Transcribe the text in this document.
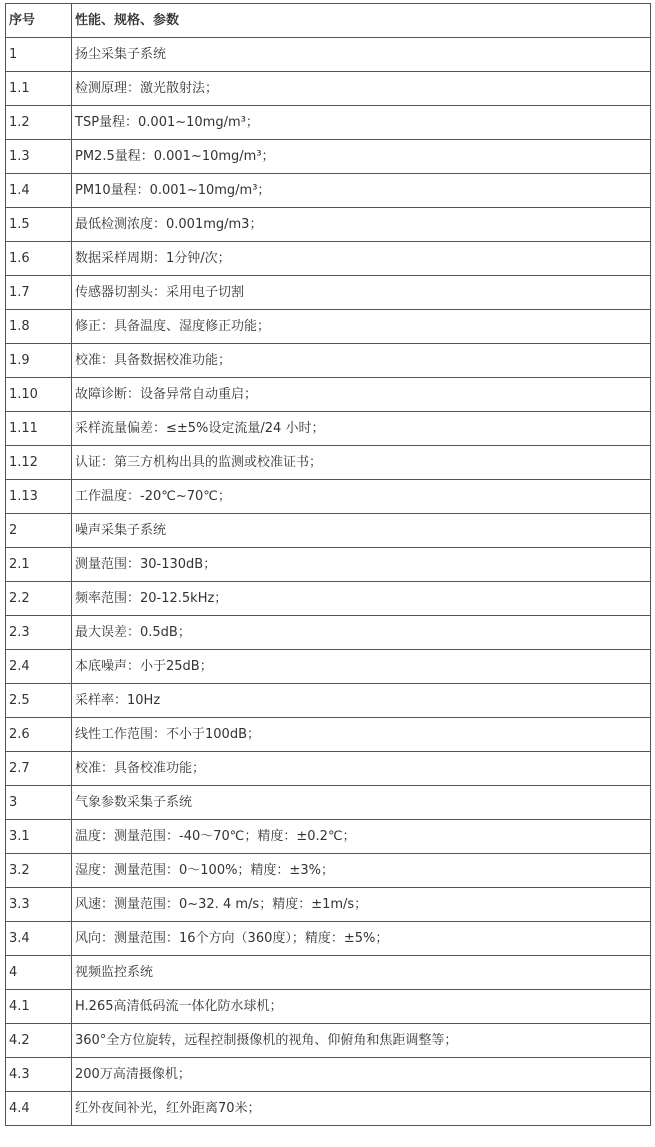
序号	性能、规格、参数
1	扬尘采集子系统
1.1	检测原理：激光散射法；
1.2	TSP量程：0.001~10mg/m³；
1.3	PM2.5量程：0.001~10mg/m³；
1.4	PM10量程：0.001~10mg/m³；
1.5	最低检测浓度：0.001mg/m3；
1.6	数据采样周期：1分钟/次；
1.7	传感器切割头：采用电子切割
1.8	修正：具备温度、湿度修正功能；
1.9	校准：具备数据校准功能；
1.10	故障诊断：设备异常自动重启；
1.11	采样流量偏差：≤±5%设定流量/24 小时；
1.12	认证：第三方机构出具的监测或校准证书；
1.13	工作温度：-20℃~70℃；
2	噪声采集子系统
2.1	测量范围：30-130dB；
2.2	频率范围：20-12.5kHz；
2.3	最大误差：0.5dB；
2.4	本底噪声：小于25dB；
2.5	采样率：10Hz
2.6	线性工作范围：不小于100dB；
2.7	校准：具备校准功能；
3	气象参数采集子系统
3.1	温度：测量范围：-40～70℃；精度：±0.2℃；
3.2	湿度：测量范围：0～100%；精度：±3%；
3.3	风速：测量范围：0~32. 4 m/s；精度：±1m/s；
3.4	风向：测量范围：16个方向（360度）；精度：±5%；
4	视频监控系统
4.1	H.265高清低码流一体化防水球机；
4.2	360°全方位旋转，远程控制摄像机的视角、仰俯角和焦距调整等；
4.3	200万高清摄像机；
4.4	红外夜间补光，红外距离70米；
